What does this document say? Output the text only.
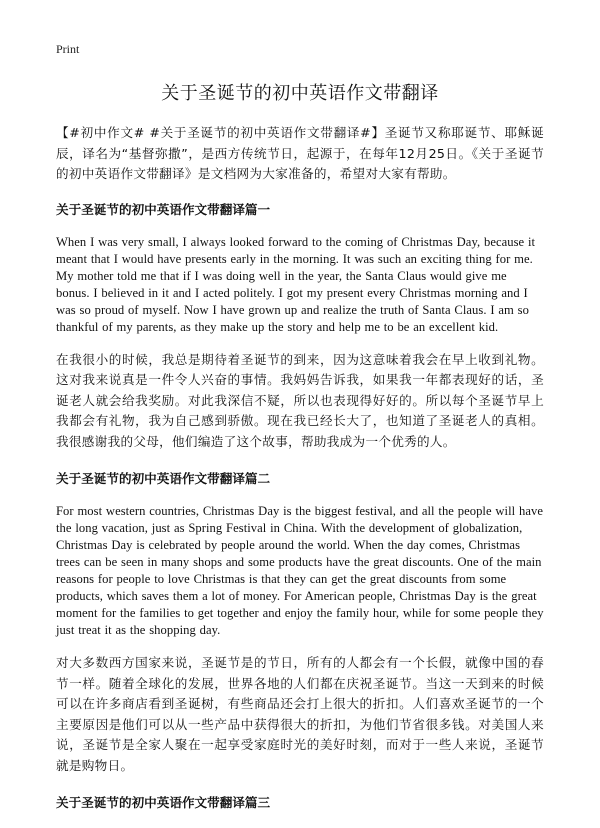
Print
关于圣诞节的初中英语作文带翻译

【#初中作文# #关于圣诞节的初中英语作文带翻译#】圣诞节又称耶诞节、耶稣诞辰，译名为“基督弥撒”，是西方传统节日，起源于，在每年12月25日。《关于圣诞节的初中英语作文带翻译》是文档网为大家准备的，希望对大家有帮助。

关于圣诞节的初中英语作文带翻译篇一

When I was very small, I always looked forward to the coming of Christmas Day, because it meant that I would have presents early in the morning. It was such an exciting thing for me. My mother told me that if I was doing well in the year, the Santa Claus would give me bonus. I believed in it and I acted politely. I got my present every Christmas morning and I was so proud of myself. Now I have grown up and realize the truth of Santa Claus. I am so thankful of my parents, as they make up the story and help me to be an excellent kid.

在我很小的时候，我总是期待着圣诞节的到来，因为这意味着我会在早上收到礼物。这对我来说真是一件令人兴奋的事情。我妈妈告诉我，如果我一年都表现好的话，圣诞老人就会给我奖励。对此我深信不疑，所以也表现得好好的。所以每个圣诞节早上我都会有礼物，我为自己感到骄傲。现在我已经长大了，也知道了圣诞老人的真相。我很感谢我的父母，他们编造了这个故事，帮助我成为一个优秀的人。

关于圣诞节的初中英语作文带翻译篇二

For most western countries, Christmas Day is the biggest festival, and all the people will have the long vacation, just as Spring Festival in China. With the development of globalization, Christmas Day is celebrated by people around the world. When the day comes, Christmas trees can be seen in many shops and some products have the great discounts. One of the main reasons for people to love Christmas is that they can get the great discounts from some products, which saves them a lot of money. For American people, Christmas Day is the great moment for the families to get together and enjoy the family hour, while for some people they just treat it as the shopping day.

对大多数西方国家来说，圣诞节是的节日，所有的人都会有一个长假，就像中国的春节一样。随着全球化的发展，世界各地的人们都在庆祝圣诞节。当这一天到来的时候可以在许多商店看到圣诞树，有些商品还会打上很大的折扣。人们喜欢圣诞节的一个主要原因是他们可以从一些产品中获得很大的折扣，为他们节省很多钱。对美国人来说，圣诞节是全家人聚在一起享受家庭时光的美好时刻，而对于一些人来说，圣诞节就是购物日。

关于圣诞节的初中英语作文带翻译篇三
